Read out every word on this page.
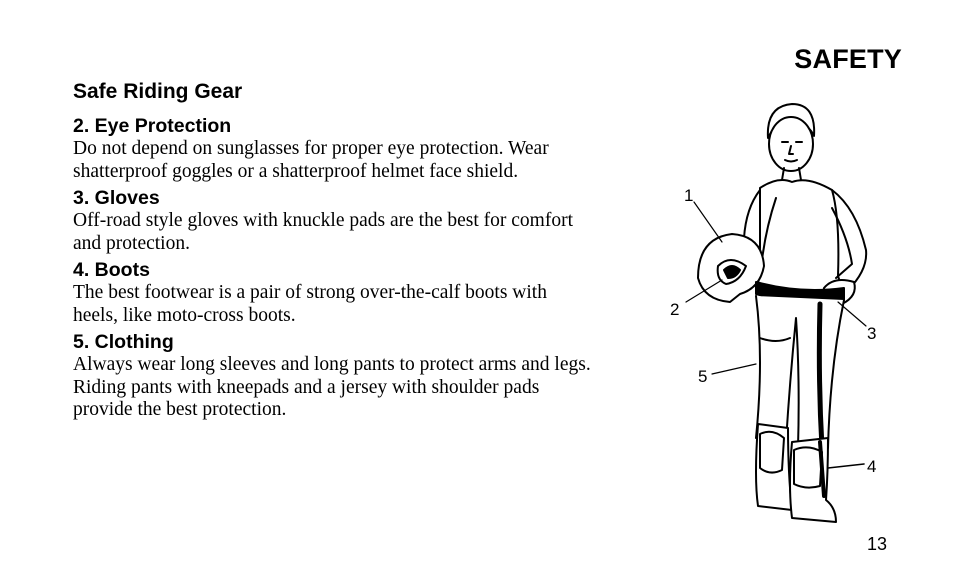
SAFETY
Safe Riding Gear
2. Eye Protection

Do not depend on sunglasses for proper eye protection. Wear shatterproof goggles or a shatterproof helmet face shield.

3. Gloves

Off-road style gloves with knuckle pads are the best for comfort and protection.

4. Boots

The best footwear is a pair of strong over-the-calf boots with heels, like moto-cross boots.

5. Clothing

Always wear long sleeves and long pants to protect arms and legs. Riding pants with kneepads and a jersey with shoulder pads provide the best protection.

1
2
3
4
5
13
